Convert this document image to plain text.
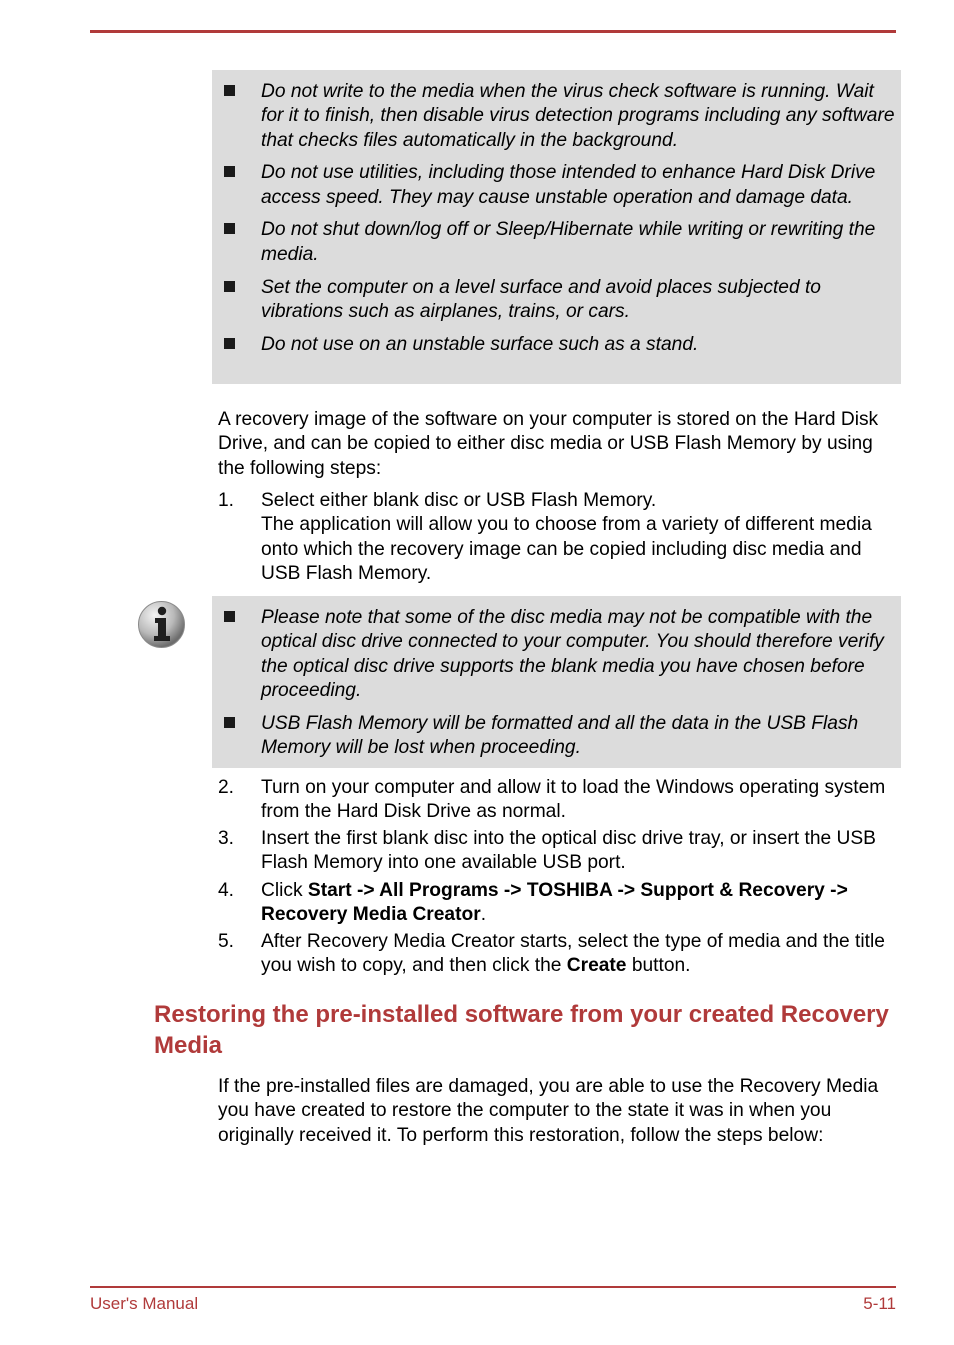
Do not write to the media when the virus check software is running. Wait for it to finish, then disable virus detection programs including any software that checks files automatically in the background.
Do not use utilities, including those intended to enhance Hard Disk Drive access speed. They may cause unstable operation and damage data.
Do not shut down/log off or Sleep/Hibernate while writing or rewriting the media.
Set the computer on a level surface and avoid places subjected to vibrations such as airplanes, trains, or cars.
Do not use on an unstable surface such as a stand.
A recovery image of the software on your computer is stored on the Hard Disk Drive, and can be copied to either disc media or USB Flash Memory by using the following steps:
1. Select either blank disc or USB Flash Memory.
The application will allow you to choose from a variety of different media onto which the recovery image can be copied including disc media and USB Flash Memory.
Please note that some of the disc media may not be compatible with the optical disc drive connected to your computer. You should therefore verify the optical disc drive supports the blank media you have chosen before proceeding.
USB Flash Memory will be formatted and all the data in the USB Flash Memory will be lost when proceeding.
2. Turn on your computer and allow it to load the Windows operating system from the Hard Disk Drive as normal.
3. Insert the first blank disc into the optical disc drive tray, or insert the USB Flash Memory into one available USB port.
4. Click Start -> All Programs -> TOSHIBA -> Support & Recovery -> Recovery Media Creator.
5. After Recovery Media Creator starts, select the type of media and the title you wish to copy, and then click the Create button.
Restoring the pre-installed software from your created Recovery Media
If the pre-installed files are damaged, you are able to use the Recovery Media you have created to restore the computer to the state it was in when you originally received it. To perform this restoration, follow the steps below:
User's Manual	5-11
